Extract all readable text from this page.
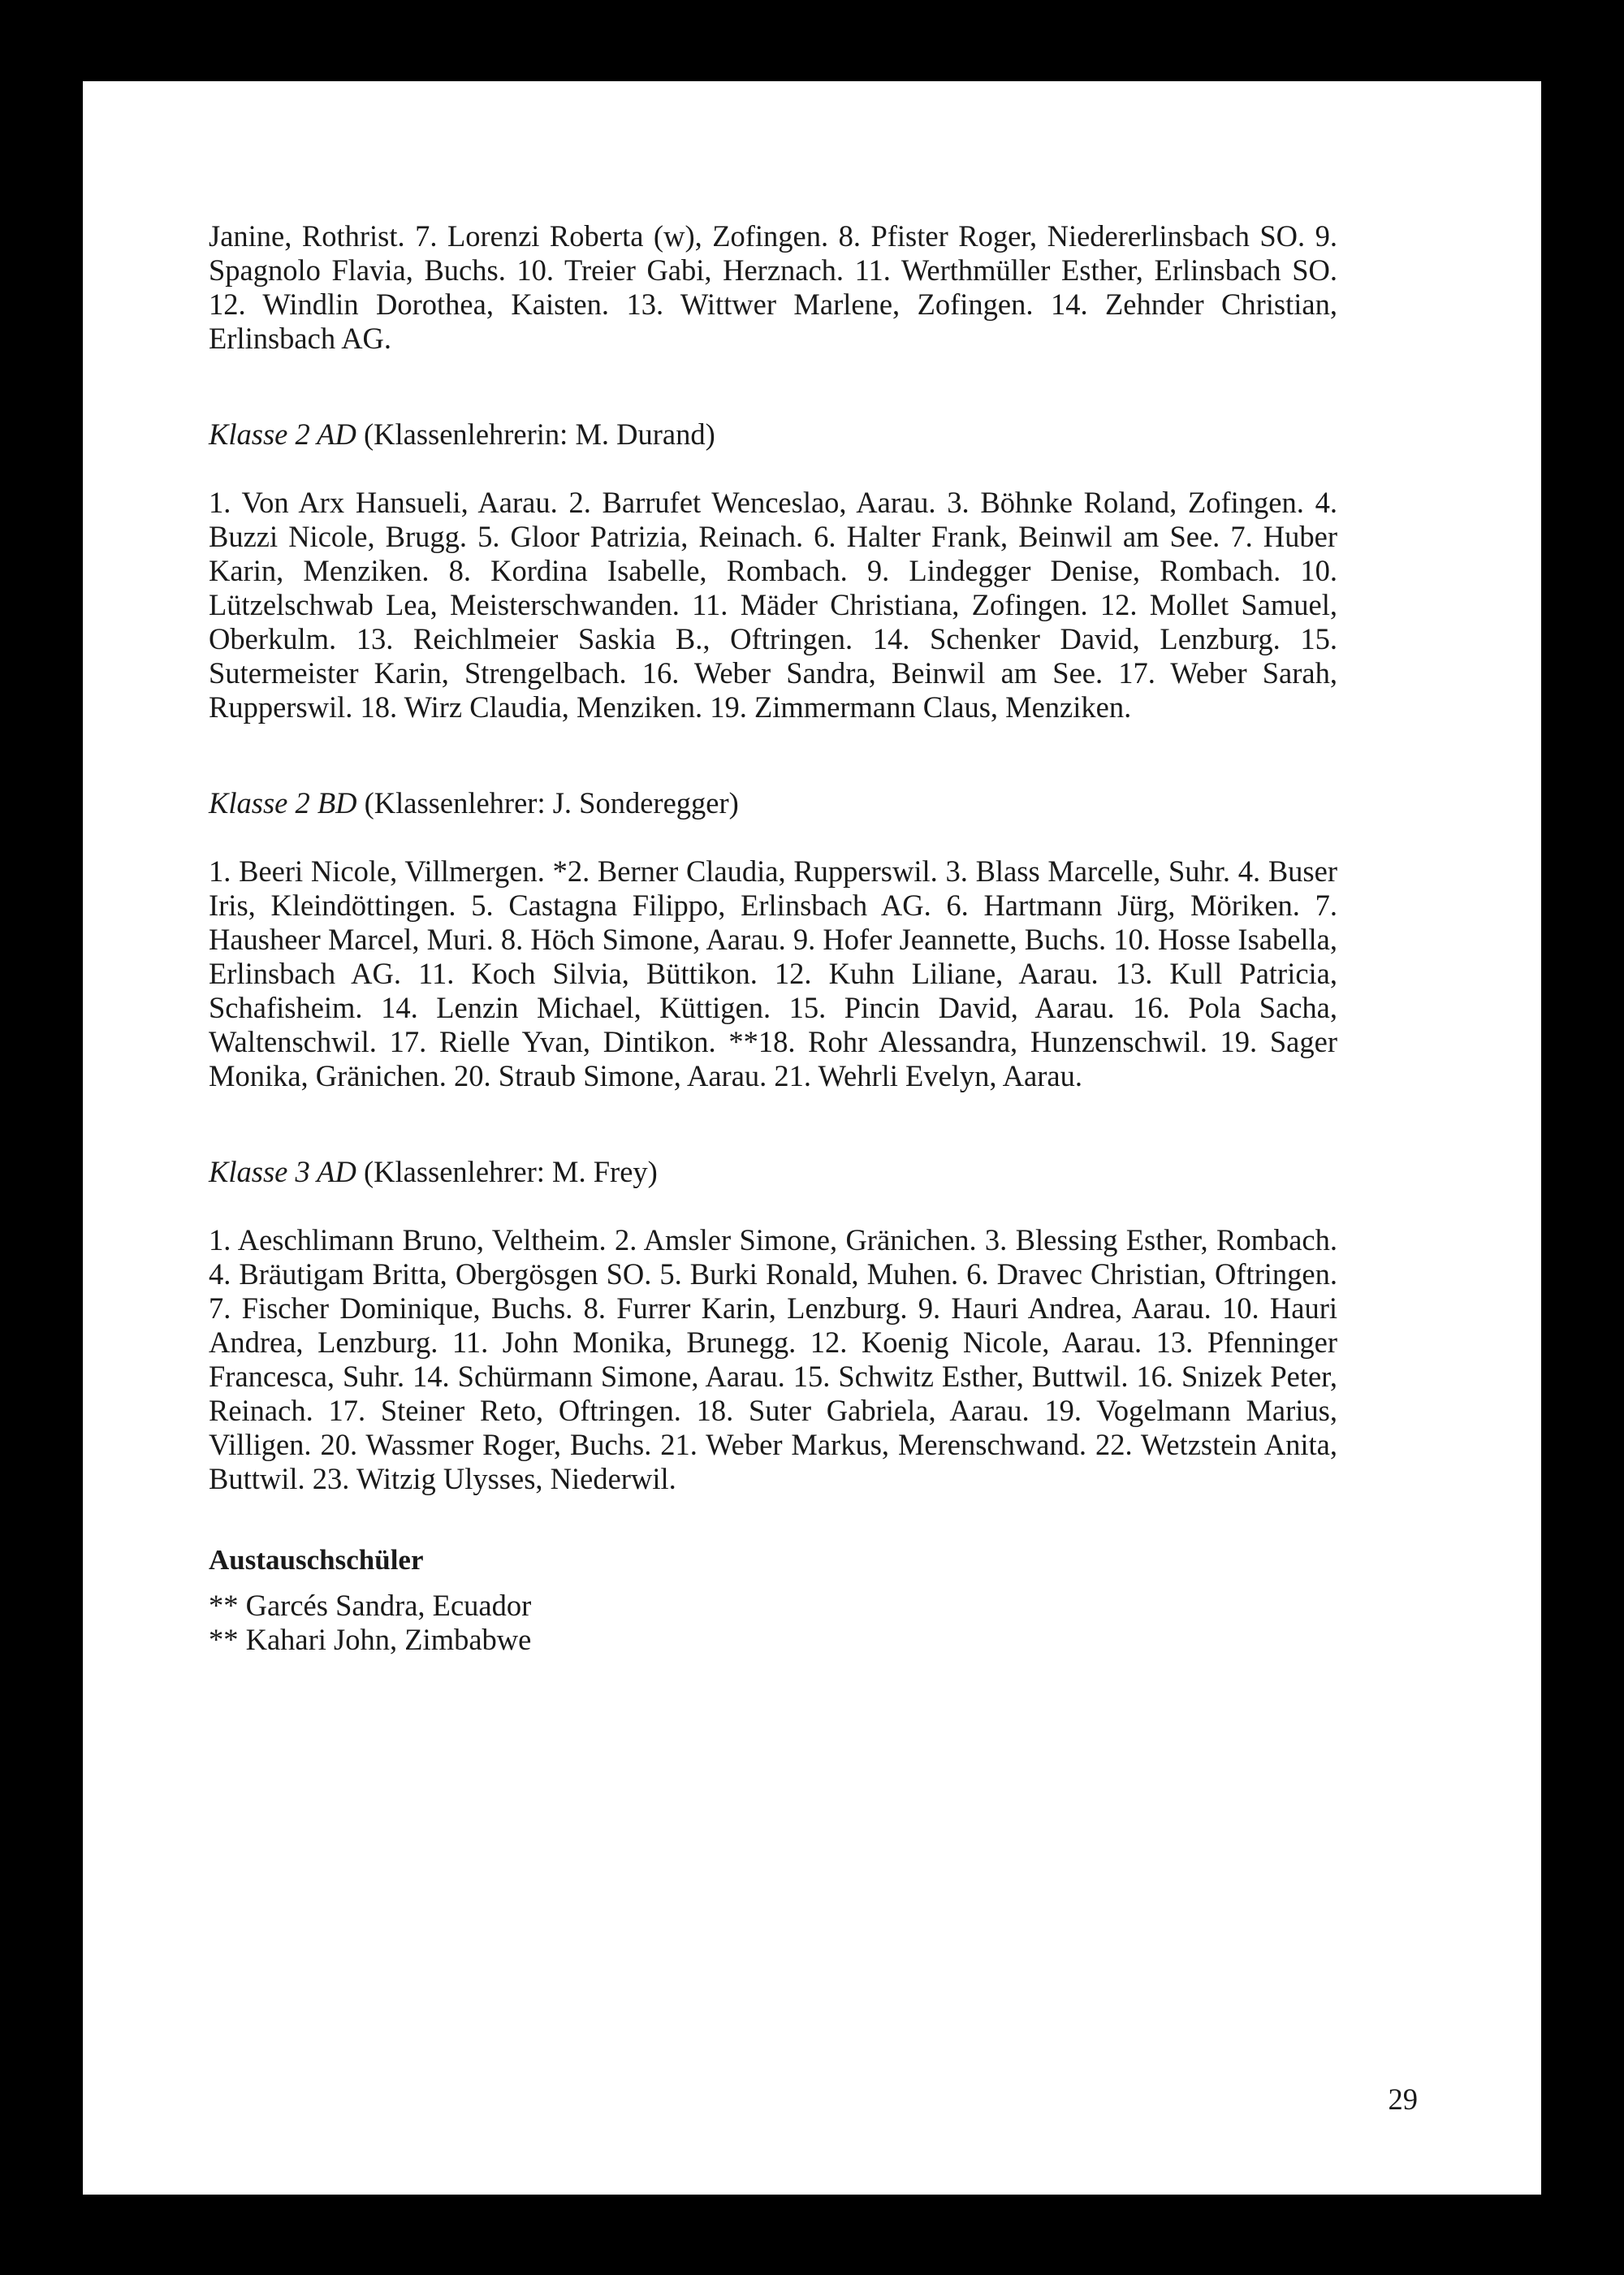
Janine, Rothrist. 7. Lorenzi Roberta (w), Zofingen. 8. Pfister Roger, Niedererlinsbach SO. 9. Spagnolo Flavia, Buchs. 10. Treier Gabi, Herznach. 11. Werthmüller Esther, Erlinsbach SO. 12. Windlin Dorothea, Kaisten. 13. Wittwer Marlene, Zofingen. 14. Zehnder Christian, Erlinsbach AG.

Klasse 2 AD (Klassenlehrerin: M. Durand)

1. Von Arx Hansueli, Aarau. 2. Barrufet Wenceslao, Aarau. 3. Böhnke Roland, Zofingen. 4. Buzzi Nicole, Brugg. 5. Gloor Patrizia, Reinach. 6. Halter Frank, Beinwil am See. 7. Huber Karin, Menziken. 8. Kordina Isabelle, Rombach. 9. Lindegger Denise, Rombach. 10. Lützelschwab Lea, Meisterschwanden. 11. Mäder Christiana, Zofingen. 12. Mollet Samuel, Oberkulm. 13. Reichlmeier Saskia B., Oftringen. 14. Schenker David, Lenzburg. 15. Sutermeister Karin, Strengelbach. 16. Weber Sandra, Beinwil am See. 17. Weber Sarah, Rupperswil. 18. Wirz Claudia, Menziken. 19. Zimmermann Claus, Menziken.

Klasse 2 BD (Klassenlehrer: J. Sonderegger)

1. Beeri Nicole, Villmergen. *2. Berner Claudia, Rupperswil. 3. Blass Marcelle, Suhr. 4. Buser Iris, Kleindöttingen. 5. Castagna Filippo, Erlinsbach AG. 6. Hartmann Jürg, Möriken. 7. Hausheer Marcel, Muri. 8. Höch Simone, Aarau. 9. Hofer Jeannette, Buchs. 10. Hosse Isabella, Erlinsbach AG. 11. Koch Silvia, Büttikon. 12. Kuhn Liliane, Aarau. 13. Kull Patricia, Schafisheim. 14. Lenzin Michael, Küttigen. 15. Pincin David, Aarau. 16. Pola Sacha, Waltenschwil. 17. Rielle Yvan, Dintikon. **18. Rohr Alessandra, Hunzenschwil. 19. Sager Monika, Gränichen. 20. Straub Simone, Aarau. 21. Wehrli Evelyn, Aarau.

Klasse 3 AD (Klassenlehrer: M. Frey)

1. Aeschlimann Bruno, Veltheim. 2. Amsler Simone, Gränichen. 3. Blessing Esther, Rombach. 4. Bräutigam Britta, Obergösgen SO. 5. Burki Ronald, Muhen. 6. Dravec Christian, Oftringen. 7. Fischer Dominique, Buchs. 8. Furrer Karin, Lenzburg. 9. Hauri Andrea, Aarau. 10. Hauri Andrea, Lenzburg. 11. John Monika, Brunegg. 12. Koenig Nicole, Aarau. 13. Pfenninger Francesca, Suhr. 14. Schürmann Simone, Aarau. 15. Schwitz Esther, Buttwil. 16. Snizek Peter, Reinach. 17. Steiner Reto, Oftringen. 18. Suter Gabriela, Aarau. 19. Vogelmann Marius, Villigen. 20. Wassmer Roger, Buchs. 21. Weber Markus, Merenschwand. 22. Wetzstein Anita, Buttwil. 23. Witzig Ulysses, Niederwil.

Austauschschüler

** Garcés Sandra, Ecuador
** Kahari John, Zimbabwe
29
